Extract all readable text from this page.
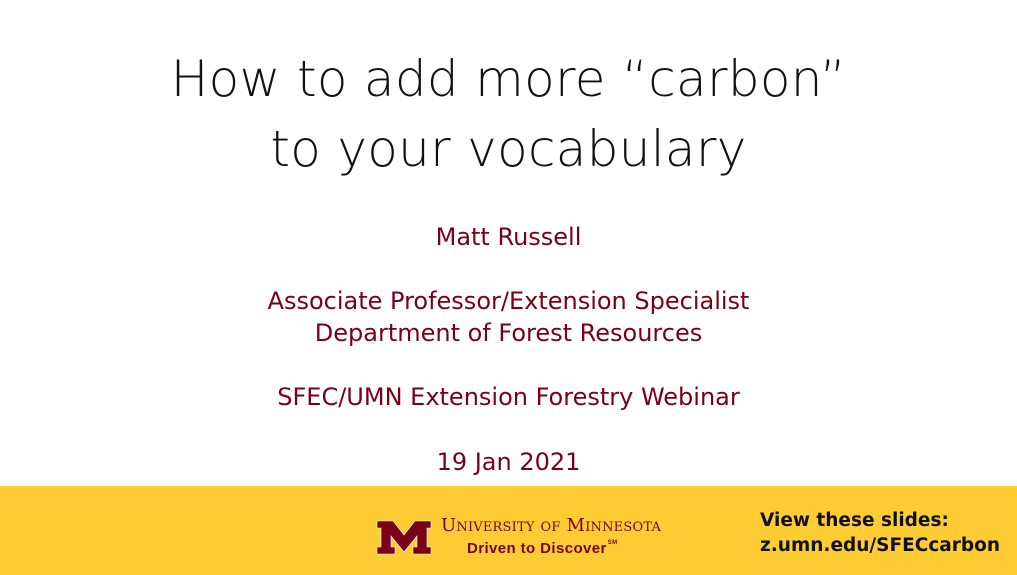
How to add more “carbon”
to your vocabulary
Matt Russell
Associate Professor/Extension Specialist
Department of Forest Resources
SFEC/UMN Extension Forestry Webinar
19 Jan 2021
University of Minnesota
Driven to Discover℠
View these slides:
z.umn.edu/SFECcarbon
